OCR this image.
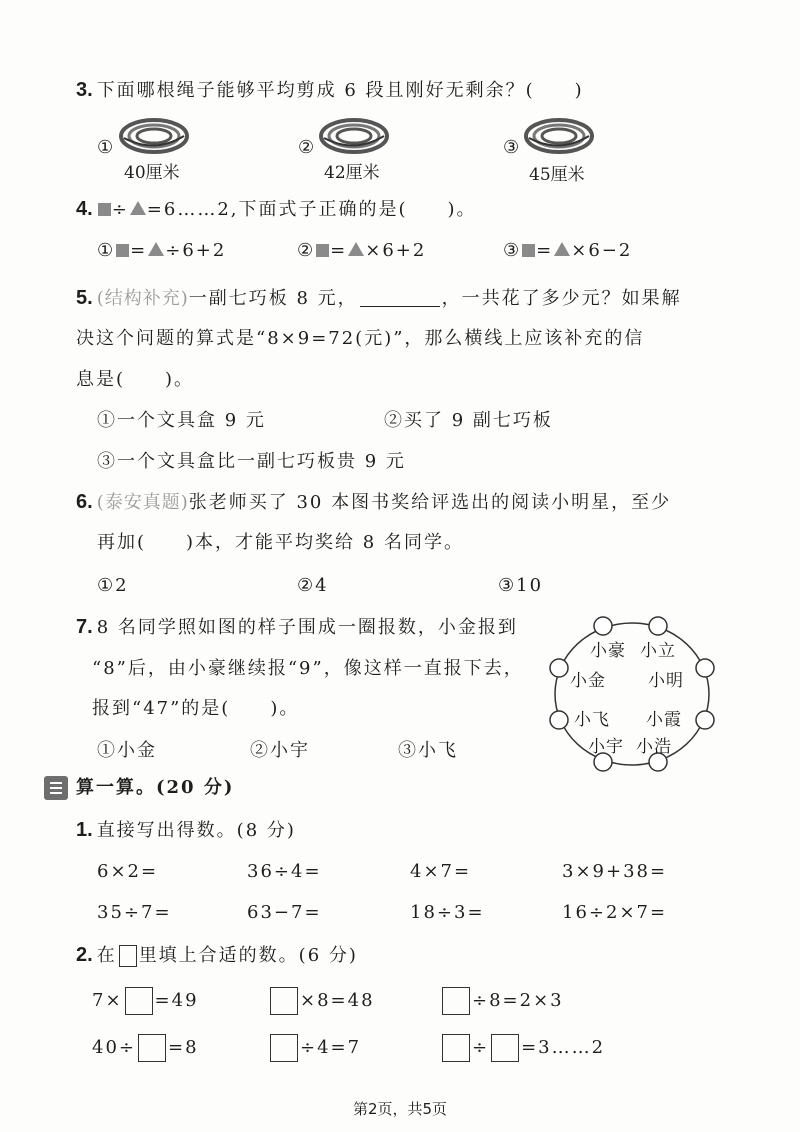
3. 下面哪根绳子能够平均剪成 6 段且刚好无剩余？(　　)
①
40厘米
②
42厘米
③
45厘米
4. ÷ =6……2,下面式子正确的是(　　)。
① = ÷6+2	② = ×6+2	③ = ×6−2
5. (结构补充)一副七巧板 8 元，	，一共花了多少元？如果解
决这个问题的算式是“8×9=72(元)”，那么横线上应该补充的信
息是(　　)。
①一个文具盒 9 元	②买了 9 副七巧板
③一个文具盒比一副七巧板贵 9 元
6. (泰安真题)张老师买了 30 本图书奖给评选出的阅读小明星，至少
再加(　　)本，才能平均奖给 8 名同学。
①2	②4	③10
7. 8 名同学照如图的样子围成一圈报数，小金报到
“8”后，由小豪继续报“9”，像这样一直报下去，
报到“47”的是(　　)。
①小金	②小宇	③小飞
小豪 小立
小金 小明
小飞 小霞
小宇 小浩
算一算。(20 分)
1. 直接写出得数。(8 分)
6×2=	36÷4=	4×7=	3×9+38=
35÷7=	63−7=	18÷3=	16÷2×7=
2. 在 里填上合适的数。(6 分)
7× =49	×8=48	÷8=2×3
40÷ =8	÷4=7	÷ =3……2
第2页，共5页
